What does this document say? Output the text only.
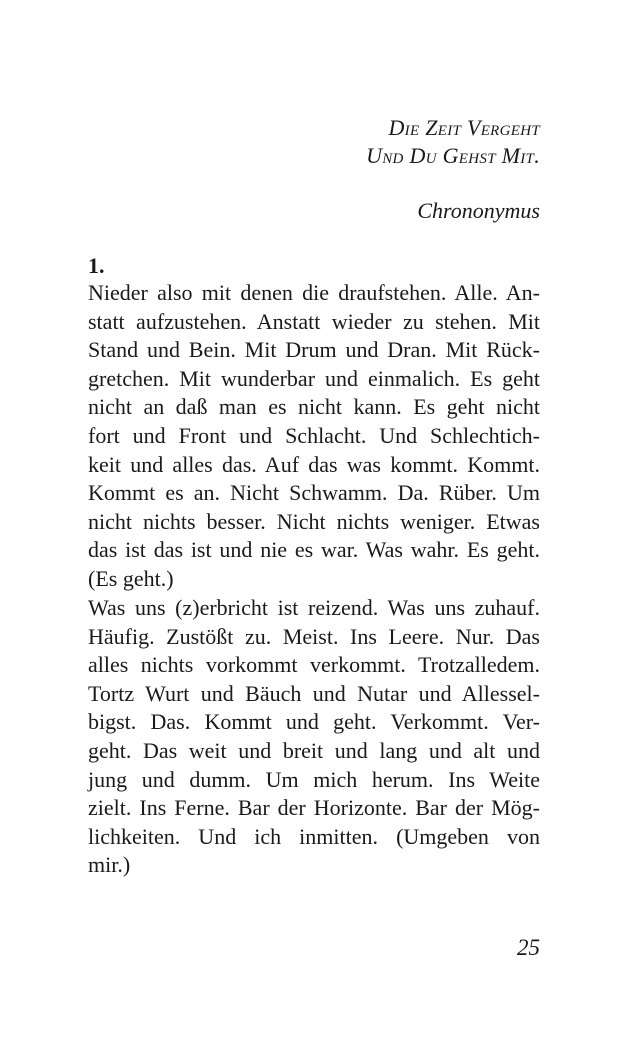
Die Zeit Vergeht
Und Du Gehst Mit.
Chrononymus
1.
Nieder also mit denen die draufstehen. Alle. An-
statt aufzustehen. Anstatt wieder zu stehen. Mit
Stand und Bein. Mit Drum und Dran. Mit Rück-
gretchen. Mit wunderbar und einmalich. Es geht
nicht an daß man es nicht kann. Es geht nicht
fort und Front und Schlacht. Und Schlechtich-
keit und alles das. Auf das was kommt. Kommt.
Kommt es an. Nicht Schwamm. Da. Rüber. Um
nicht nichts besser. Nicht nichts weniger. Etwas
das ist das ist und nie es war. Was wahr. Es geht.
(Es geht.)
Was uns (z)erbricht ist reizend. Was uns zuhauf.
Häufig. Zustößt zu. Meist. Ins Leere. Nur. Das
alles nichts vorkommt verkommt. Trotzalledem.
Tortz Wurt und Bäuch und Nutar und Allessel-
bigst. Das. Kommt und geht. Verkommt. Ver-
geht. Das weit und breit und lang und alt und
jung und dumm. Um mich herum. Ins Weite
zielt. Ins Ferne. Bar der Horizonte. Bar der Mög-
lichkeiten. Und ich inmitten. (Umgeben von
mir.)
25
